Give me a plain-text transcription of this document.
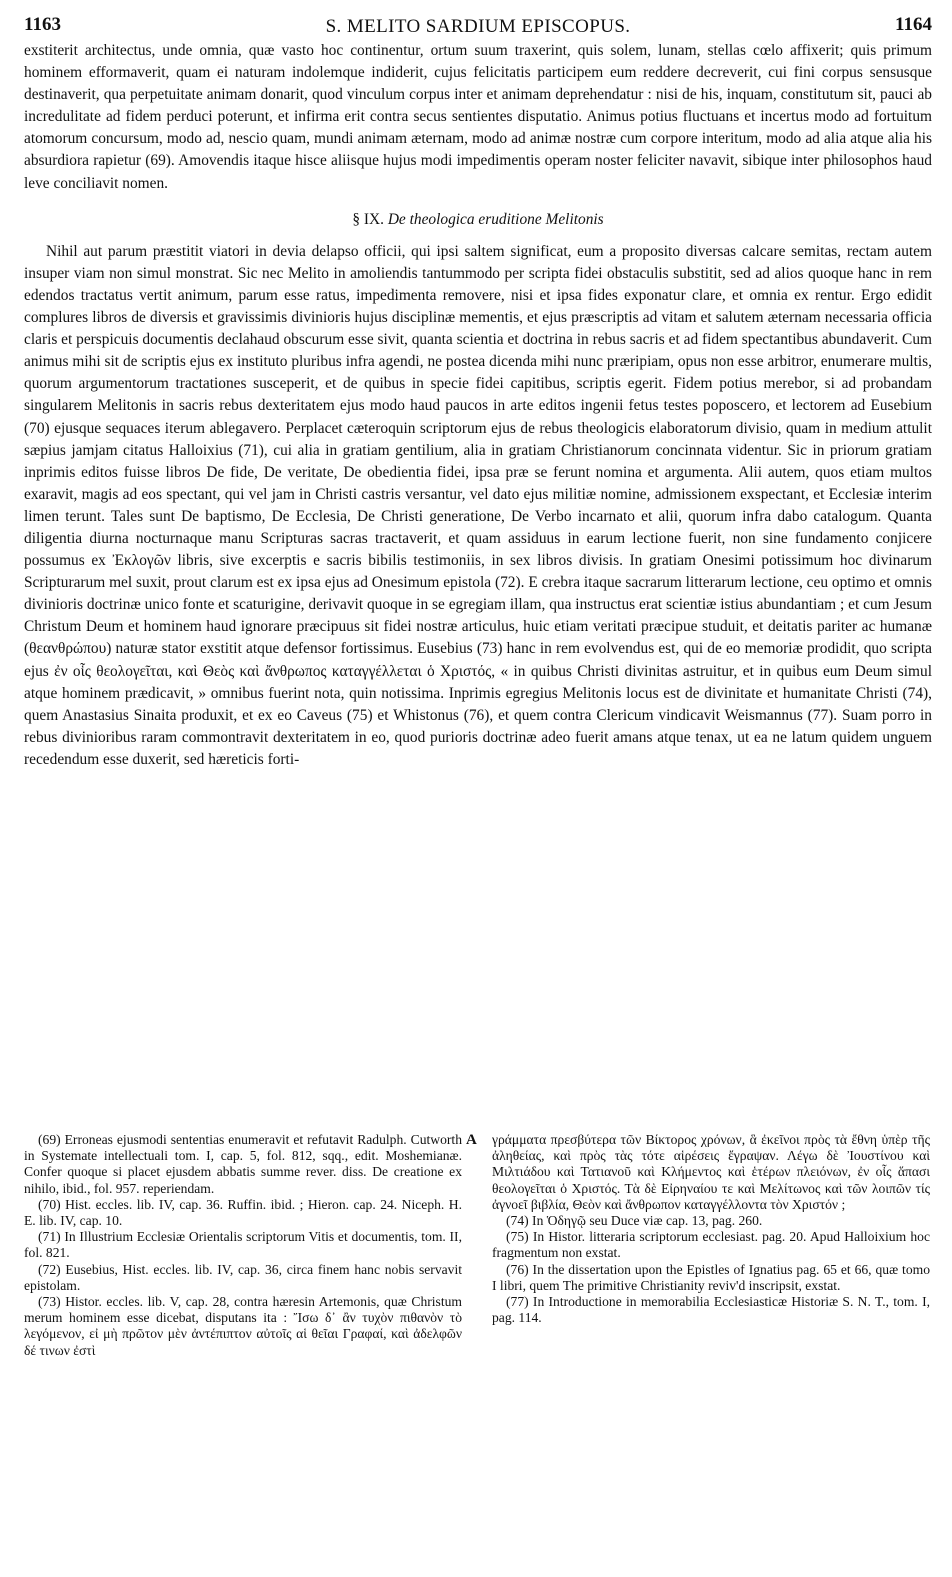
1163	S. MELITO SARDIUM EPISCOPUS.	1164

exstiterit architectus, unde omnia, quæ vasto hoc continentur, ortum suum traxerint, quis solem, lunam, stellas cœlo affixerit; quis primum hominem efformaverit, quam ei naturam indolemque indiderit, cujus felicitatis participem eum reddere decreverit, cui fini corpus sensusque destinaverit, qua perpetuitate animam donarit, quod vinculum corpus inter et animam deprehendatur : nisi de his, inquam, constitutum sit, pauci ab incredulitate ad fidem perduci poterunt, et infirma erit contra secus sentientes disputatio. Animus potius fluctuans et incertus modo ad fortuitum atomorum concursum, modo ad, nescio quam, mundi animam æternam, modo ad animæ nostræ cum corpore interitum, modo ad alia atque alia his absurdiora rapietur (69). Amovendis itaque hisce aliisque hujus modi impedimentis operam noster feliciter navavit, sibique inter philosophos haud leve conciliavit nomen.

§ IX. De theologica eruditione Melitonis

Nihil aut parum præstitit viatori in devia delapso officii, qui ipsi saltem significat, eum a proposito diversas calcare semitas, rectam autem insuper viam non simul monstrat. Sic nec Melito in amoliendis tantummodo per scripta fidei obstaculis substitit, sed ad alios quoque hanc in rem edendos tractatus vertit animum, parum esse ratus, impedimenta removere, nisi et ipsa fides exponatur clare, et omnia ex rentur. Ergo edidit complures libros de diversis et gravissimis divinioris hujus disciplinæ mementis, et ejus præscriptis ad vitam et salutem æternam necessaria officia claris et perspicuis documentis declahaud obscurum esse sivit, quanta scientia et doctrina in rebus sacris et ad fidem spectantibus abundaverit. Cum animus mihi sit de scriptis ejus ex instituto pluribus infra agendi, ne postea dicenda mihi nunc præripiam, opus non esse arbitror, enumerare multis, quorum argumentorum tractationes susceperit, et de quibus in specie fidei capitibus, scriptis egerit. Fidem potius merebor, si ad probandam singularem Melitonis in sacris rebus dexteritatem ejus modo haud paucos in arte editos ingenii fetus testes poposcero, et lectorem ad Eusebium (70) ejusque sequaces iterum ablegavero. Perplacet cæteroquin scriptorum ejus de rebus theologicis elaboratorum divisio, quam in medium attulit sæpius jamjam citatus Halloixius (71), cui alia in gratiam gentilium, alia in gratiam Christianorum concinnata videntur. Sic in priorum gratiam inprimis editos fuisse libros De fide, De veritate, De obedientia fidei, ipsa præ se ferunt nomina et argumenta. Alii autem, quos etiam multos exaravit, magis ad eos spectant, qui vel jam in Christi castris versantur, vel dato ejus militiæ nomine, admissionem exspectant, et Ecclesiæ interim limen terunt. Tales sunt De baptismo, De Ecclesia, De Christi generatione, De Verbo incarnato et alii, quorum infra dabo catalogum. Quanta diligentia diurna nocturnaque manu Scripturas sacras tractaverit, et quam assiduus in earum lectione fuerit, non sine fundamento conjicere possumus ex Ἐκλογῶν libris, sive excerptis e sacris bibilis testimoniis, in sex libros divisis. In gratiam Onesimi potissimum hoc divinarum Scripturarum mel suxit, prout clarum est ex ipsa ejus ad Onesimum epistola (72). E crebra itaque sacrarum litterarum lectione, ceu optimo et omnis divinioris doctrinæ unico fonte et scaturigine, derivavit quoque in se egregiam illam, qua instructus erat scientiæ istius abundantiam ; et cum Jesum Christum Deum et hominem haud ignorare præcipuus sit fidei nostræ articulus, huic etiam veritati præcipue studuit, et deitatis pariter ac humanæ (θεανθρώπου) naturæ stator exstitit atque defensor fortissimus. Eusebius (73) hanc in rem evolvendus est, qui de eo memoriæ prodidit, quo scripta ejus ἐν οἷς θεολογεῖται, καὶ Θεὸς καὶ ἄνθρωπος καταγγέλλεται ὁ Χριστός, « in quibus Christi divinitas astruitur, et in quibus eum Deum simul atque hominem prædicavit, » omnibus fuerint nota, quin notissima. Inprimis egregius Melitonis locus est de divinitate et humanitate Christi (74), quem Anastasius Sinaita produxit, et ex eo Caveus (75) et Whistonus (76), et quem contra Clericum vindicavit Weismannus (77). Suam porro in rebus divinioribus raram commontravit dexteritatem in eo, quod purioris doctrinæ adeo fuerit amans atque tenax, ut ea ne latum quidem unguem recedendum esse duxerit, sed hæreticis forti-

(69) Erroneas ejusmodi sententias enumeravit et refutavit Radulph. Cutworth in Systemate intellectuali tom. I, cap. 5, fol. 812, sqq., edit. Moshemianæ. Confer quoque si placet ejusdem abbatis summe rever. diss. De creatione ex nihilo, ibid., fol. 957. reperiendam.

(70) Hist. eccles. lib. IV, cap. 36. Ruffin. ibid. ; Hieron. cap. 24. Niceph. H. E. lib. IV, cap. 10.

(71) In Illustrium Ecclesiæ Orientalis scriptorum Vitis et documentis, tom. II, fol. 821.

(72) Eusebius, Hist. eccles. lib. IV, cap. 36, circa finem hanc nobis servavit epistolam.

(73) Histor. eccles. lib. V, cap. 28, contra hæresin Artemonis, quæ Christum merum hominem esse dicebat, disputans ita : Ἴσω δ᾽ ἂν τυχὸν πιθανὸν τὸ λεγόμενον, εἰ μὴ πρῶτον μὲν ἀντέπιπτον αὐτοῖς αἱ θεῖαι Γραφαί, καὶ ἀδελφῶν δέ τινων ἐστὶ

A γράμματα πρεσβύτερα τῶν Βίκτορος χρόνων, ἃ ἐκεῖνοι πρὸς τὰ ἔθνη ὑπὲρ τῆς ἀληθείας, καὶ πρὸς τὰς τότε αἱρέσεις ἔγραψαν. Λέγω δὲ Ἰουστίνου καὶ Μιλτιάδου καὶ Τατιανοῦ καὶ Κλήμεντος καὶ ἑτέρων πλειόνων, ἐν οἷς ἅπασι θεολογεῖται ὁ Χριστός. Τὰ δὲ Εἰρηναίου τε καὶ Μελίτωνος καὶ τῶν λοιπῶν τίς ἀγνοεῖ βιβλία, Θεὸν καὶ ἄνθρωπον καταγγέλλοντα τὸν Χριστόν ;

(74) In Ὁδηγῷ seu Duce viæ cap. 13, pag. 260.

(75) In Histor. litteraria scriptorum ecclesiast. pag. 20. Apud Halloixium hoc fragmentum non exstat.

(76) In the dissertation upon the Epistles of Ignatius pag. 65 et 66, quæ tomo I libri, quem The primitive Christianity reviv'd inscripsit, exstat.

(77) In Introductione in memorabilia Ecclesiasticæ Historiæ S. N. T., tom. I, pag. 114.
